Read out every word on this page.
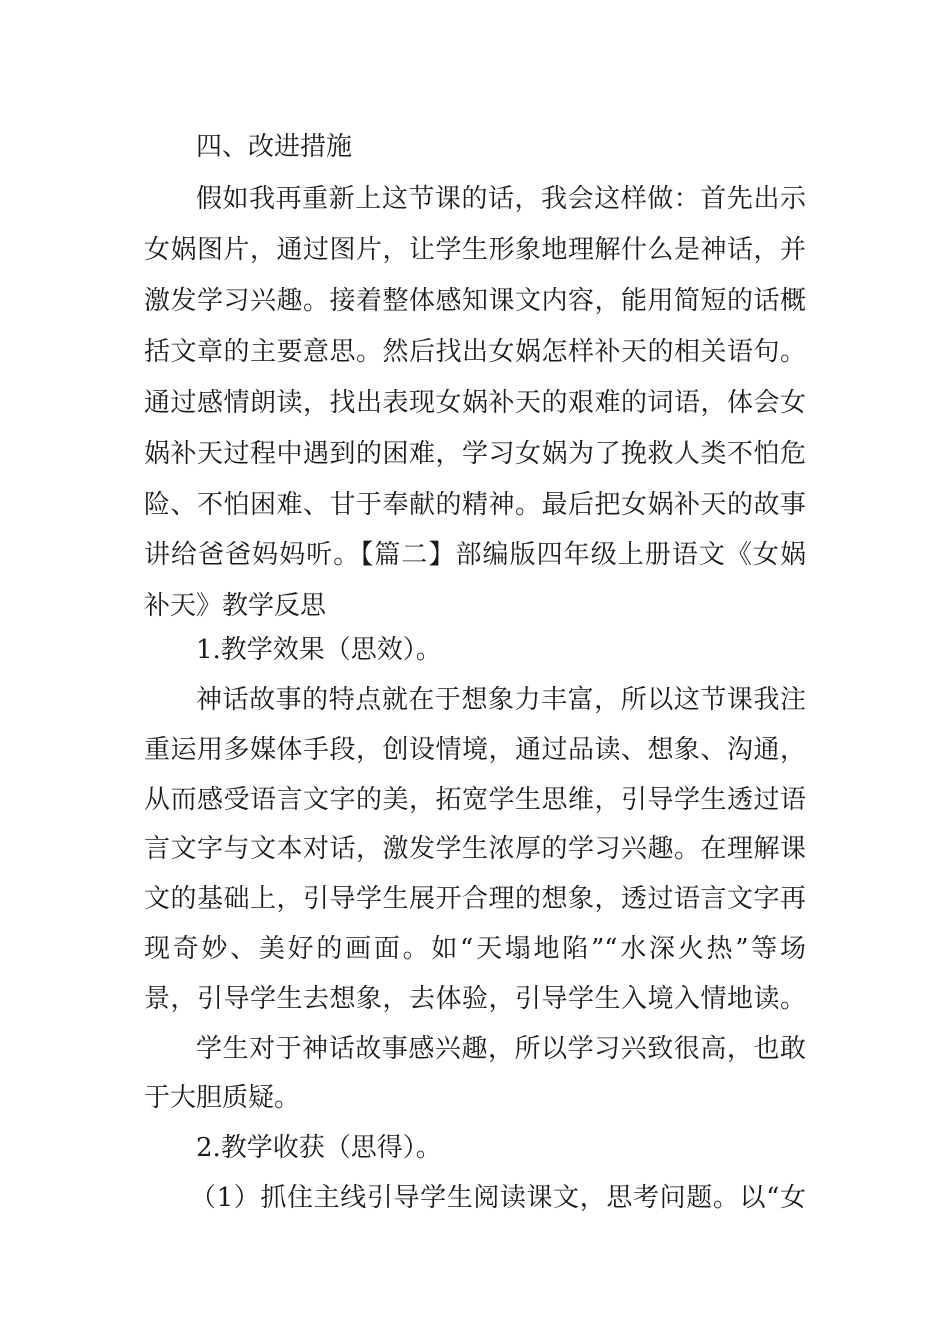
四、改进措施

假如我再重新上这节课的话，我会这样做：首先出示

女娲图片，通过图片，让学生形象地理解什么是神话，并

激发学习兴趣。接着整体感知课文内容，能用简短的话概

括文章的主要意思。然后找出女娲怎样补天的相关语句。

通过感情朗读，找出表现女娲补天的艰难的词语，体会女

娲补天过程中遇到的困难，学习女娲为了挽救人类不怕危

险、不怕困难、甘于奉献的精神。最后把女娲补天的故事

讲给爸爸妈妈听。【篇二】部编版四年级上册语文《女娲

补天》教学反思

1.教学效果（思效）。

神话故事的特点就在于想象力丰富，所以这节课我注

重运用多媒体手段，创设情境，通过品读、想象、沟通，

从而感受语言文字的美，拓宽学生思维，引导学生透过语

言文字与文本对话，激发学生浓厚的学习兴趣。在理解课

文的基础上，引导学生展开合理的想象，透过语言文字再

现奇妙、美好的画面。如“天塌地陷”“水深火热”等场

景，引导学生去想象，去体验，引导学生入境入情地读。

学生对于神话故事感兴趣，所以学习兴致很高，也敢

于大胆质疑。

2.教学收获（思得）。

（1）抓住主线引导学生阅读课文，思考问题。以“女
